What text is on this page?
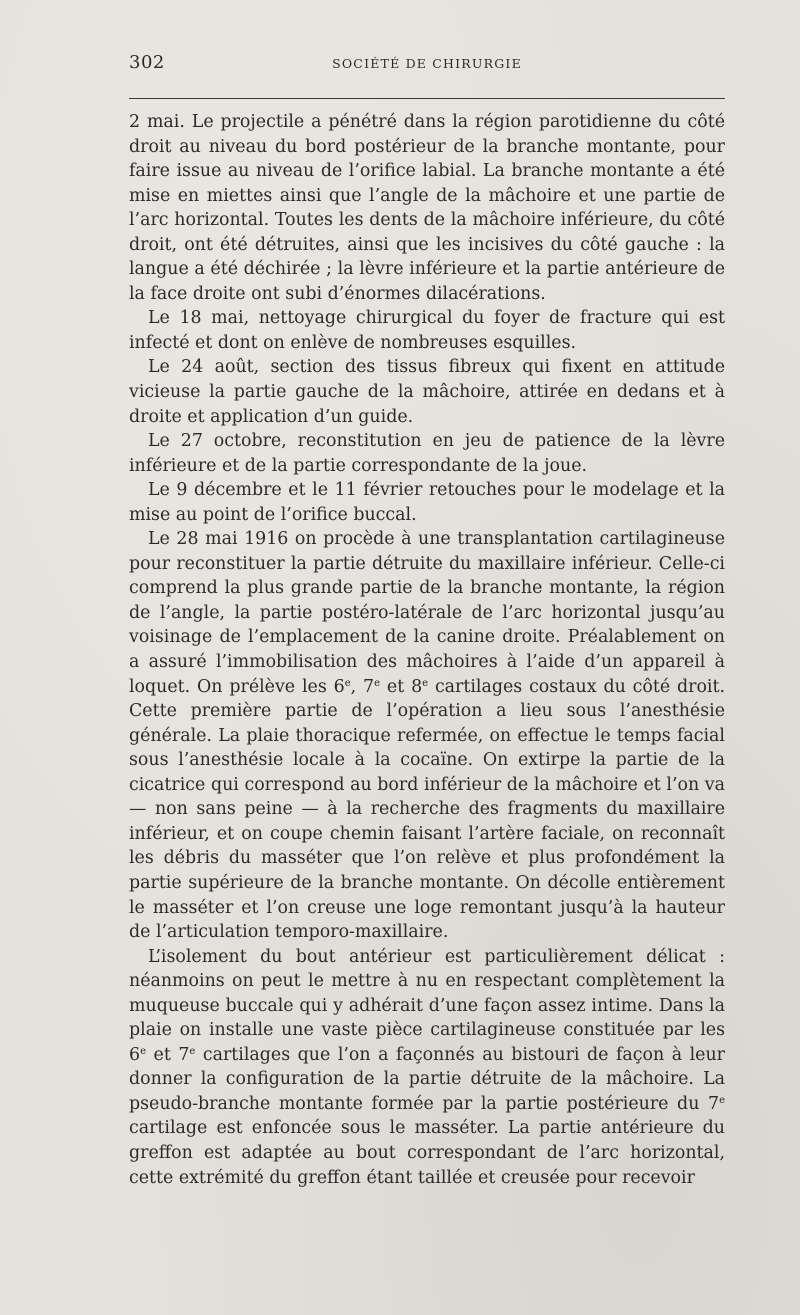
302	SOCIÉTÉ DE CHIRURGIE

2 mai. Le projectile a pénétré dans la région parotidienne du côté droit au niveau du bord postérieur de la branche montante, pour faire issue au niveau de l’orifice labial. La branche montante a été mise en miettes ainsi que l’angle de la mâchoire et une partie de l’arc horizontal. Toutes les dents de la mâchoire inférieure, du côté droit, ont été détruites, ainsi que les incisives du côté gauche : la langue a été déchirée ; la lèvre inférieure et la partie antérieure de la face droite ont subi d’énormes dilacérations.

Le 18 mai, nettoyage chirurgical du foyer de fracture qui est infecté et dont on enlève de nombreuses esquilles.

Le 24 août, section des tissus fibreux qui fixent en attitude vicieuse la partie gauche de la mâchoire, attirée en dedans et à droite et application d’un guide.

Le 27 octobre, reconstitution en jeu de patience de la lèvre inférieure et de la partie correspondante de la joue.

Le 9 décembre et le 11 février retouches pour le modelage et la mise au point de l’orifice buccal.

Le 28 mai 1916 on procède à une transplantation cartilagineuse pour reconstituer la partie détruite du maxillaire inférieur. Celle-ci comprend la plus grande partie de la branche montante, la région de l’angle, la partie postéro-latérale de l’arc horizontal jusqu’au voisinage de l’emplacement de la canine droite. Préalablement on a assuré l’immobilisation des mâchoires à l’aide d’un appareil à loquet. On prélève les 6e, 7e et 8e cartilages costaux du côté droit. Cette première partie de l’opération a lieu sous l’anesthésie générale. La plaie thoracique refermée, on effectue le temps facial sous l’anesthésie locale à la cocaïne. On extirpe la partie de la cicatrice qui correspond au bord inférieur de la mâchoire et l’on va — non sans peine — à la recherche des fragments du maxillaire inférieur, et on coupe chemin faisant l’artère faciale, on reconnaît les débris du masséter que l’on relève et plus profondément la partie supérieure de la branche montante. On décolle entièrement le masséter et l’on creuse une loge remontant jusqu’à la hauteur de l’articulation temporo-maxillaire.

L’isolement du bout antérieur est particulièrement délicat : néanmoins on peut le mettre à nu en respectant complètement la muqueuse buccale qui y adhérait d’une façon assez intime. Dans la plaie on installe une vaste pièce cartilagineuse constituée par les 6e et 7e cartilages que l’on a façonnés au bistouri de façon à leur donner la configuration de la partie détruite de la mâchoire. La pseudo-branche montante formée par la partie postérieure du 7e cartilage est enfoncée sous le masséter. La partie antérieure du greffon est adaptée au bout correspondant de l’arc horizontal, cette extrémité du greffon étant taillée et creusée pour recevoir
